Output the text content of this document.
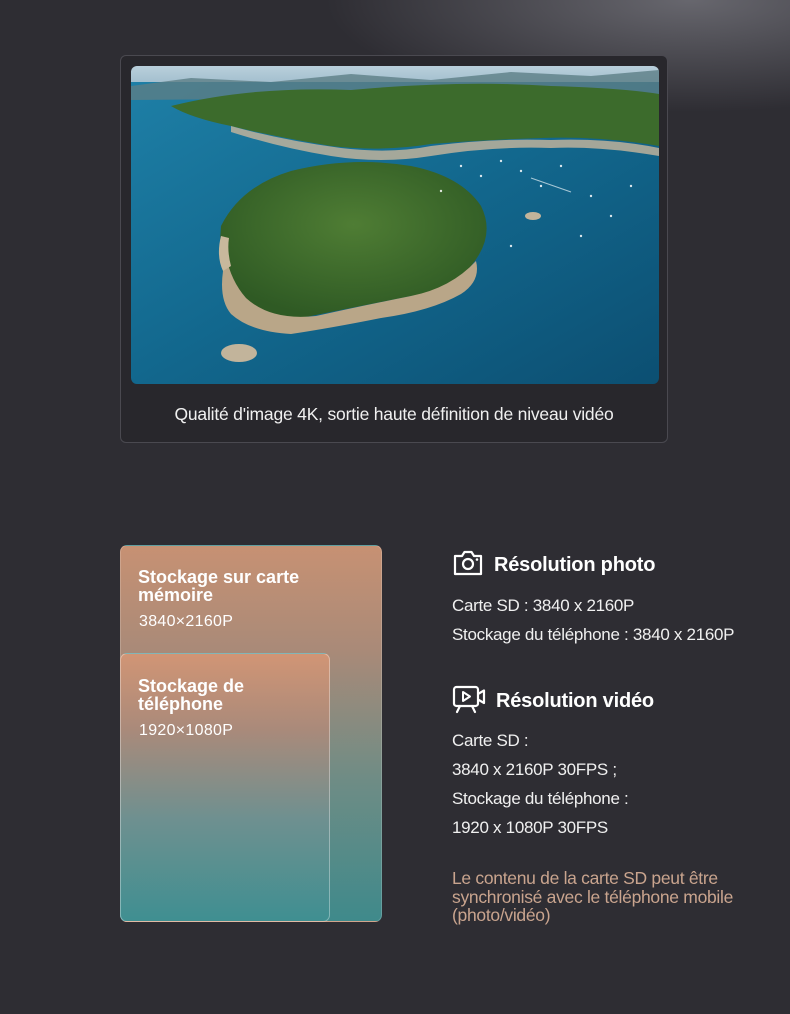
Qualité d'image 4K, sortie haute définition de niveau vidéo
Stockage sur carte mémoire
3840×2160P
Stockage de téléphone
1920×1080P
Résolution photo
Carte SD : 3840 x 2160P
Stockage du téléphone : 3840 x 2160P
Résolution vidéo
Carte SD :
3840 x 2160P 30FPS ;
Stockage du téléphone :
1920 x 1080P 30FPS
Le contenu de la carte SD peut être synchronisé avec le téléphone mobile (photo/vidéo)
